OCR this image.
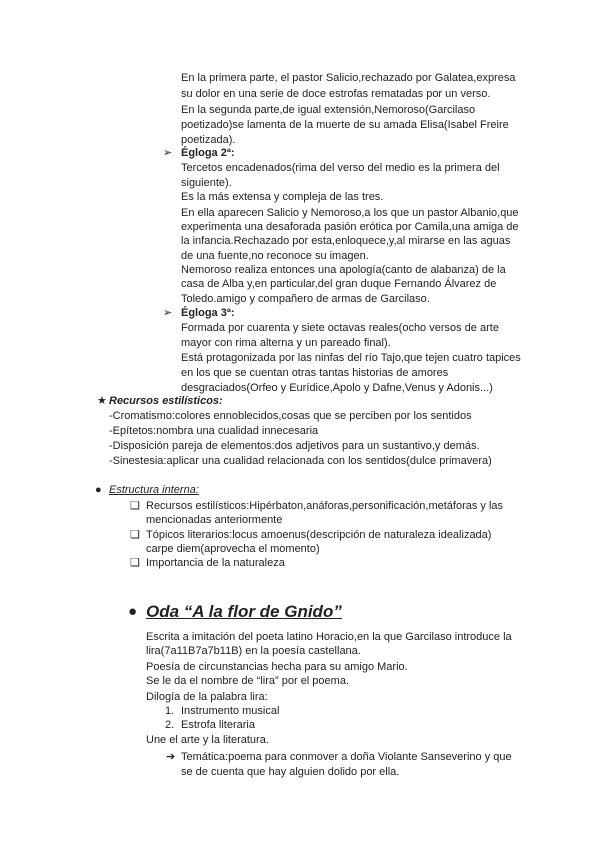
En la primera parte, el pastor Salicio,rechazado por Galatea,expresa
su dolor en una serie de doce estrofas rematadas por un verso.
En la segunda parte,de igual extensión,Nemoroso(Garcilaso
poetizado)se lamenta de la muerte de su amada Elisa(Isabel Freire
poetizada).
Égloga 2ª:
➢
Tercetos encadenados(rima del verso del medio es la primera del
siguiente).
Es la más extensa y compleja de las tres.
En ella aparecen Salicio y Nemoroso,a los que un pastor Albanio,que
experimenta una desaforada pasión erótica por Camila,una amiga de
la infancia.Rechazado por esta,enloquece,y,al mirarse en las aguas
de una fuente,no reconoce su imagen.
Nemoroso realiza entonces una apología(canto de alabanza) de la
casa de Alba y,en particular,del gran duque Fernando Álvarez de
Toledo.amigo y compañero de armas de Garcilaso.
Égloga 3ª:
➢
Formada por cuarenta y siete octavas reales(ocho versos de arte
mayor con rima alterna y un pareado final).
Está protagonizada por las ninfas del río Tajo,que tejen cuatro tapices
en los que se cuentan otras tantas historias de amores
desgraciados(Orfeo y Eurídice,Apolo y Dafne,Venus y Adonis...)
Recursos estilísticos:
★
-Cromatismo:colores ennoblecidos,cosas que se perciben por los sentidos
-Epítetos:nombra una cualidad innecesaria
-Disposición pareja de elementos:dos adjetivos para un sustantivo,y demás.
-Sinestesia:aplicar una cualidad relacionada con los sentidos(dulce primavera)
Estructura interna:
●
Recursos estilísticos:Hipérbaton,anáforas,personificación,metáforas y las
❑
mencionadas anteriormente
Tópicos literarios:locus amoenus(descripción de naturaleza idealizada)
❑
carpe diem(aprovecha el momento)
Importancia de la naturaleza
❑
Oda “A la flor de Gnido”
●
Escrita a imitación del poeta latino Horacio,en la que Garcilaso introduce la
lira(7a11B7a7b11B) en la poesía castellana.
Poesía de circunstancias hecha para su amigo Mario.
Se le da el nombre de “lira” por el poema.
Dilogía de la palabra lira:
Instrumento musical
1.
Estrofa literaria
2.
Une el arte y la literatura.
Temática:poema para conmover a doña Violante Sanseverino y que
➔
se de cuenta que hay alguien dolido por ella.
